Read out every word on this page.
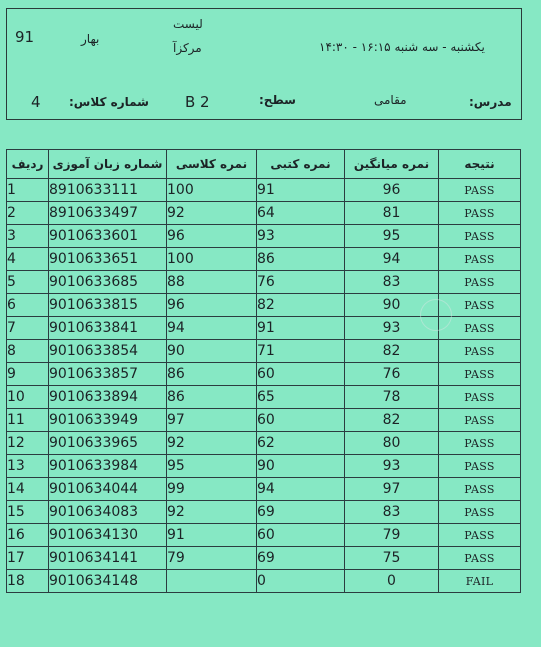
لیست
مرکزآ
بهار
91
یکشنبه - سه شنبه ۱۶:۱۵ - ۱۴:۳۰
4 شماره کلاس: B 2	سطح:	مقامی	مدرس:
ردیف	شماره زبان آموزی	نمره کلاسی	نمره کتبی	نمره میانگین	نتیجه
1	8910633111	100	91	96	PASS
2	8910633497	92	64	81	PASS
3	9010633601	96	93	95	PASS
4	9010633651	100	86	94	PASS
5	9010633685	88	76	83	PASS
6	9010633815	96	82	90	PASS
7	9010633841	94	91	93	PASS
8	9010633854	90	71	82	PASS
9	9010633857	86	60	76	PASS
10	9010633894	86	65	78	PASS
11	9010633949	97	60	82	PASS
12	9010633965	92	62	80	PASS
13	9010633984	95	90	93	PASS
14	9010634044	99	94	97	PASS
15	9010634083	92	69	83	PASS
16	9010634130	91	60	79	PASS
17	9010634141	79	69	75	PASS
18	9010634148		0	0	FAIL
